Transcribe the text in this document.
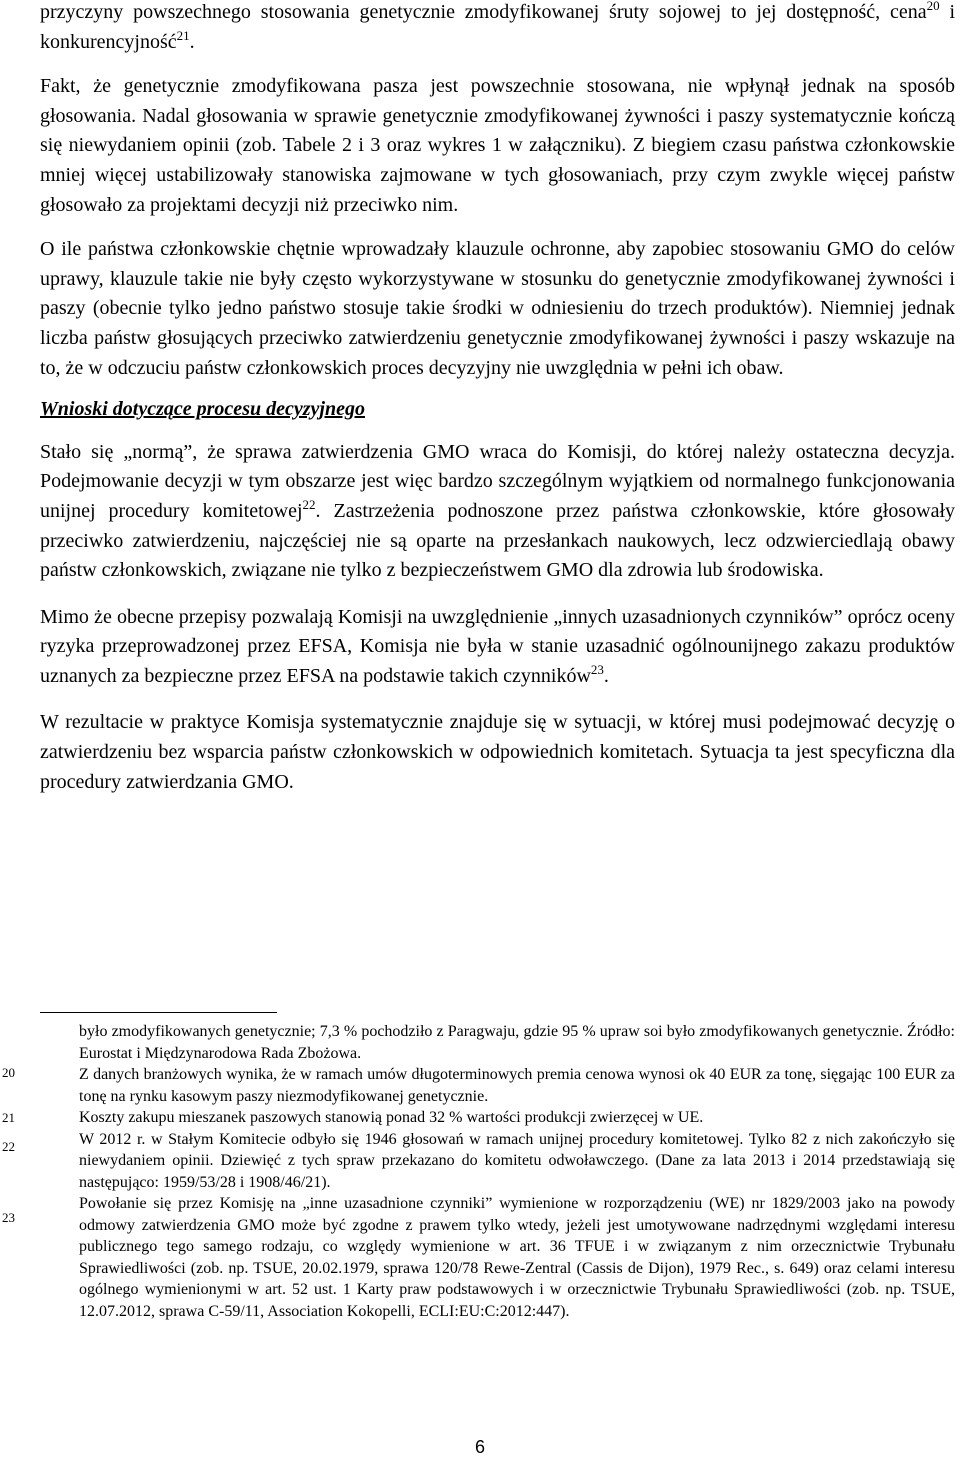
przyczyny powszechnego stosowania genetycznie zmodyfikowanej śruty sojowej to jej dostępność, cena$^{20}$ i konkurencyjność$^{21}$.

Fakt, że genetycznie zmodyfikowana pasza jest powszechnie stosowana, nie wpłynął jednak na sposób głosowania. Nadal głosowania w sprawie genetycznie zmodyfikowanej żywności i paszy systematycznie kończą się niewydaniem opinii (zob. Tabele 2 i 3 oraz wykres 1 w załączniku). Z biegiem czasu państwa członkowskie mniej więcej ustabilizowały stanowiska zajmowane w tych głosowaniach, przy czym zwykle więcej państw głosowało za projektami decyzji niż przeciwko nim.

O ile państwa członkowskie chętnie wprowadzały klauzule ochronne, aby zapobiec stosowaniu GMO do celów uprawy, klauzule takie nie były często wykorzystywane w stosunku do genetycznie zmodyfikowanej żywności i paszy (obecnie tylko jedno państwo stosuje takie środki w odniesieniu do trzech produktów). Niemniej jednak liczba państw głosujących przeciwko zatwierdzeniu genetycznie zmodyfikowanej żywności i paszy wskazuje na to, że w odczuciu państw członkowskich proces decyzyjny nie uwzględnia w pełni ich obaw.

Wnioski dotyczące procesu decyzyjnego

Stało się „normą”, że sprawa zatwierdzenia GMO wraca do Komisji, do której należy ostateczna decyzja. Podejmowanie decyzji w tym obszarze jest więc bardzo szczególnym wyjątkiem od normalnego funkcjonowania unijnej procedury komitetowej$^{22}$. Zastrzeżenia podnoszone przez państwa członkowskie, które głosowały przeciwko zatwierdzeniu, najczęściej nie są oparte na przesłankach naukowych, lecz odzwierciedlają obawy państw członkowskich, związane nie tylko z bezpieczeństwem GMO dla zdrowia lub środowiska.

Mimo że obecne przepisy pozwalają Komisji na uwzględnienie „innych uzasadnionych czynników” oprócz oceny ryzyka przeprowadzonej przez EFSA, Komisja nie była w stanie uzasadnić ogólnounijnego zakazu produktów uznanych za bezpieczne przez EFSA na podstawie takich czynników$^{23}$.

W rezultacie w praktyce Komisja systematycznie znajduje się w sytuacji, w której musi podejmować decyzję o zatwierdzeniu bez wsparcia państw członkowskich w odpowiednich komitetach. Sytuacja ta jest specyficzna dla procedury zatwierdzania GMO.

20
21
22
23

było zmodyfikowanych genetycznie; 7,3 % pochodziło z Paragwaju, gdzie 95 % upraw soi było zmodyfikowanych genetycznie. Źródło: Eurostat i Międzynarodowa Rada Zbożowa.

Z danych branżowych wynika, że w ramach umów długoterminowych premia cenowa wynosi ok 40 EUR za tonę, sięgając 100 EUR za tonę na rynku kasowym paszy niezmodyfikowanej genetycznie.

Koszty zakupu mieszanek paszowych stanowią ponad 32 % wartości produkcji zwierzęcej w UE.

W 2012 r. w Stałym Komitecie odbyło się 1946 głosowań w ramach unijnej procedury komitetowej. Tylko 82 z nich zakończyło się niewydaniem opinii. Dziewięć z tych spraw przekazano do komitetu odwoławczego. (Dane za lata 2013 i 2014 przedstawiają się następująco: 1959/53/28 i 1908/46/21).

Powołanie się przez Komisję na „inne uzasadnione czynniki” wymienione w rozporządzeniu (WE) nr 1829/2003 jako na powody odmowy zatwierdzenia GMO może być zgodne z prawem tylko wtedy, jeżeli jest umotywowane nadrzędnymi względami interesu publicznego tego samego rodzaju, co względy wymienione w art. 36 TFUE i w związanym z nim orzecznictwie Trybunału Sprawiedliwości (zob. np. TSUE, 20.02.1979, sprawa 120/78 Rewe-Zentral (Cassis de Dijon), 1979 Rec., s. 649) oraz celami interesu ogólnego wymienionymi w art. 52 ust. 1 Karty praw podstawowych i w orzecznictwie Trybunału Sprawiedliwości (zob. np. TSUE, 12.07.2012, sprawa C-59/11, Association Kokopelli, ECLI:EU:C:2012:447).

6
